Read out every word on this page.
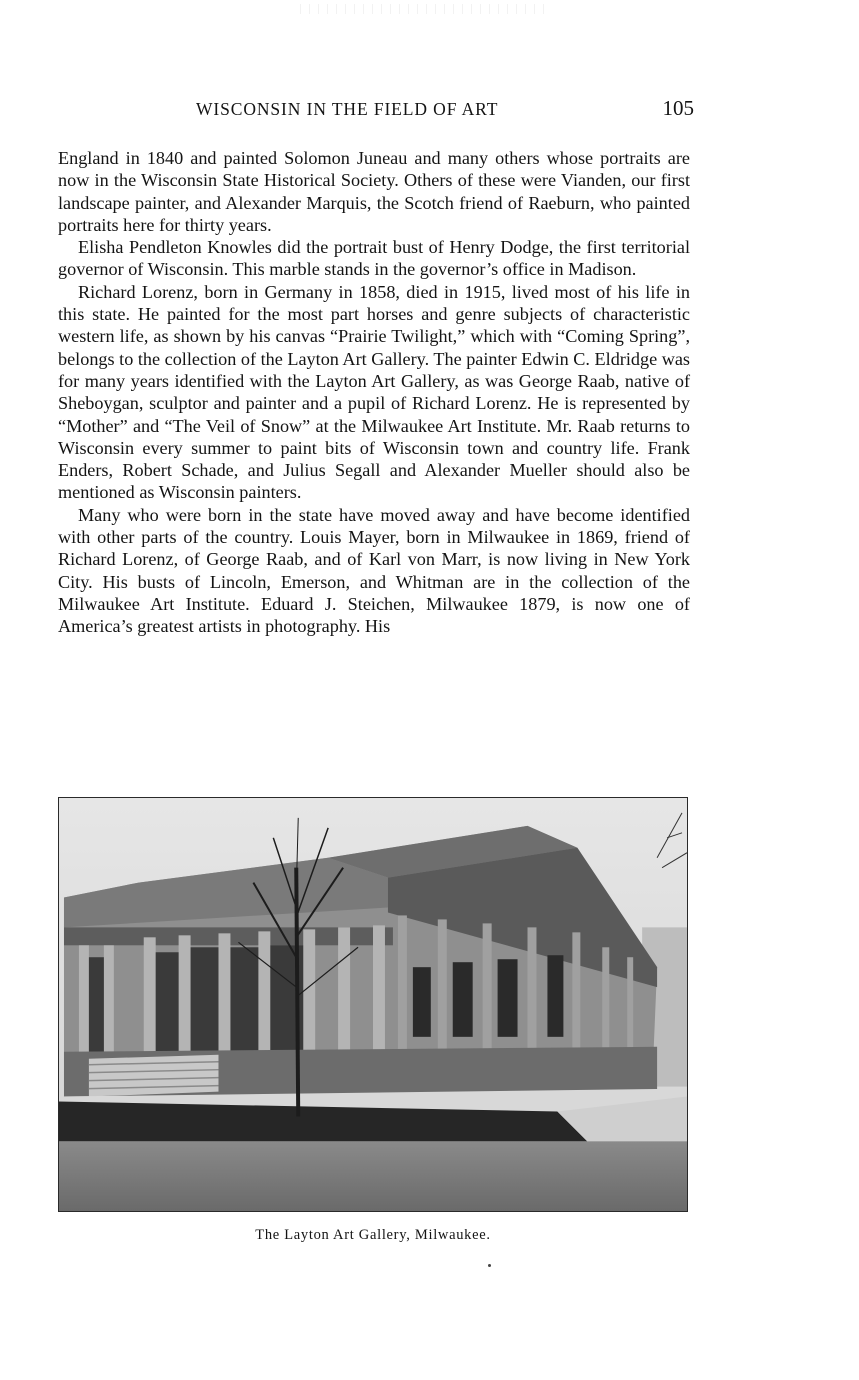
WISCONSIN IN THE FIELD OF ART	105

England in 1840 and painted Solomon Juneau and many others whose portraits are now in the Wisconsin State Historical Society. Others of these were Vianden, our first landscape painter, and Alexander Marquis, the Scotch friend of Raeburn, who painted portraits here for thirty years.

Elisha Pendleton Knowles did the portrait bust of Henry Dodge, the first territorial governor of Wisconsin. This marble stands in the governor’s office in Madison.

Richard Lorenz, born in Germany in 1858, died in 1915, lived most of his life in this state. He painted for the most part horses and genre subjects of characteristic western life, as shown by his canvas “Prairie Twilight,” which with “Coming Spring”, belongs to the collection of the Layton Art Gallery. The painter Edwin C. Eldridge was for many years identified with the Layton Art Gallery, as was George Raab, native of Sheboygan, sculptor and painter and a pupil of Richard Lorenz. He is represented by “Mother” and “The Veil of Snow” at the Milwaukee Art Institute. Mr. Raab returns to Wisconsin every summer to paint bits of Wisconsin town and country life. Frank Enders, Robert Schade, and Julius Segall and Alexander Mueller should also be mentioned as Wisconsin painters.

Many who were born in the state have moved away and have become identified with other parts of the country. Louis Mayer, born in Milwaukee in 1869, friend of Richard Lorenz, of George Raab, and of Karl von Marr, is now living in New York City. His busts of Lincoln, Emerson, and Whitman are in the collection of the Milwaukee Art Institute. Eduard J. Steichen, Milwaukee 1879, is now one of America’s greatest artists in photography. His

The Layton Art Gallery, Milwaukee.
